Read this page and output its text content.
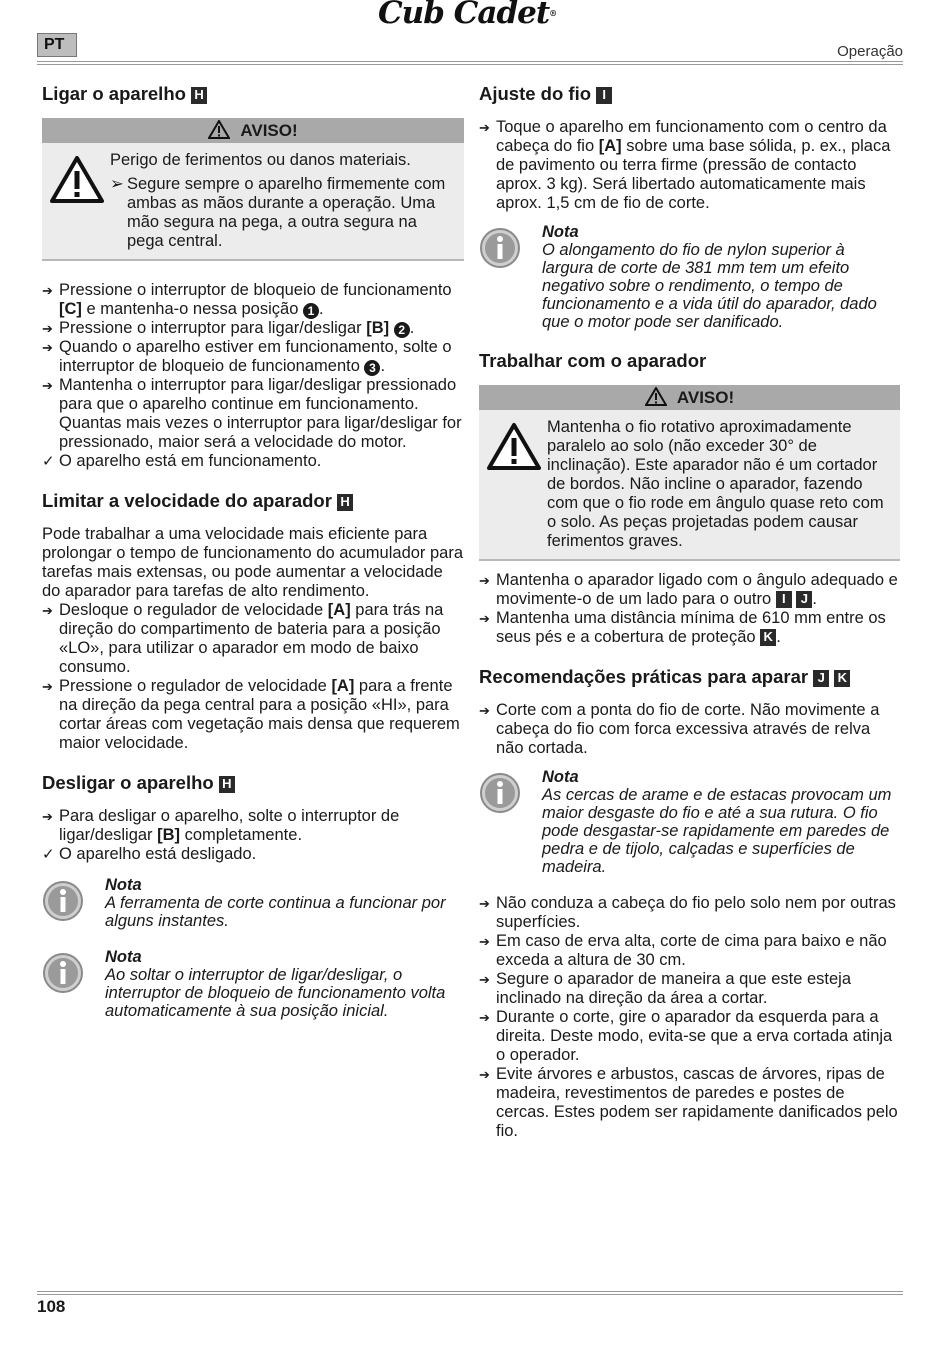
PT
Cub Cadet®
Operação
Ligar o aparelho H
AVISO!
Perigo de ferimentos ou danos materiais.
➢ Segure sempre o aparelho firmemente com ambas as mãos durante a operação. Uma mão segura na pega, a outra segura na pega central.
➔ Pressione o interruptor de bloqueio de funcionamento [C] e mantenha-o nessa posição 1 .
➔ Pressione o interruptor para ligar/desligar [B] 2 .
➔ Quando o aparelho estiver em funcionamento, solte o interruptor de bloqueio de funcionamento 3 .
➔ Mantenha o interruptor para ligar/desligar pressionado para que o aparelho continue em funcionamento. Quantas mais vezes o interruptor para ligar/desligar for pressionado, maior será a velocidade do motor.
✓ O aparelho está em funcionamento.
Limitar a velocidade do aparador H

Pode trabalhar a uma velocidade mais eficiente para prolongar o tempo de funcionamento do acumulador para tarefas mais extensas, ou pode aumentar a velocidade do aparador para tarefas de alto rendimento.

➔ Desloque o regulador de velocidade [A] para trás na direção do compartimento de bateria para a posição «LO», para utilizar o aparador em modo de baixo consumo.
➔ Pressione o regulador de velocidade [A] para a frente na direção da pega central para a posição «HI», para cortar áreas com vegetação mais densa que requerem maior velocidade.
Desligar o aparelho H
➔ Para desligar o aparelho, solte o interruptor de ligar/desligar [B] completamente.
✓ O aparelho está desligado.
Nota
A ferramenta de corte continua a funcionar por alguns instantes.
Nota
Ao soltar o interruptor de ligar/desligar, o interruptor de bloqueio de funcionamento volta automaticamente à sua posição inicial.
Ajuste do fio I
➔ Toque o aparelho em funcionamento com o centro da cabeça do fio [A] sobre uma base sólida, p. ex., placa de pavimento ou terra firme (pressão de contacto aprox. 3 kg). Será libertado automaticamente mais aprox. 1,5 cm de fio de corte.
Nota
O alongamento do fio de nylon superior à largura de corte de 381 mm tem um efeito negativo sobre o rendimento, o tempo de funcionamento e a vida útil do aparador, dado que o motor pode ser danificado.
Trabalhar com o aparador
AVISO!
Mantenha o fio rotativo aproximadamente paralelo ao solo (não exceder 30° de inclinação). Este aparador não é um cortador de bordos. Não incline o aparador, fazendo com que o fio rode em ângulo quase reto com o solo. As peças projetadas podem causar ferimentos graves.
➔ Mantenha o aparador ligado com o ângulo adequado e movimente-o de um lado para o outro I J .
➔ Mantenha uma distância mínima de 610 mm entre os seus pés e a cobertura de proteção K .
Recomendações práticas para aparar J K
➔ Corte com a ponta do fio de corte. Não movimente a cabeça do fio com forca excessiva através de relva não cortada.
Nota
As cercas de arame e de estacas provocam um maior desgaste do fio e até a sua rutura. O fio pode desgastar-se rapidamente em paredes de pedra e de tijolo, calçadas e superfícies de madeira.
➔ Não conduza a cabeça do fio pelo solo nem por outras superfícies.
➔ Em caso de erva alta, corte de cima para baixo e não exceda a altura de 30 cm.
➔ Segure o aparador de maneira a que este esteja inclinado na direção da área a cortar.
➔ Durante o corte, gire o aparador da esquerda para a direita. Deste modo, evita-se que a erva cortada atinja o operador.
➔ Evite árvores e arbustos, cascas de árvores, ripas de madeira, revestimentos de paredes e postes de cercas. Estes podem ser rapidamente danificados pelo fio.
108
